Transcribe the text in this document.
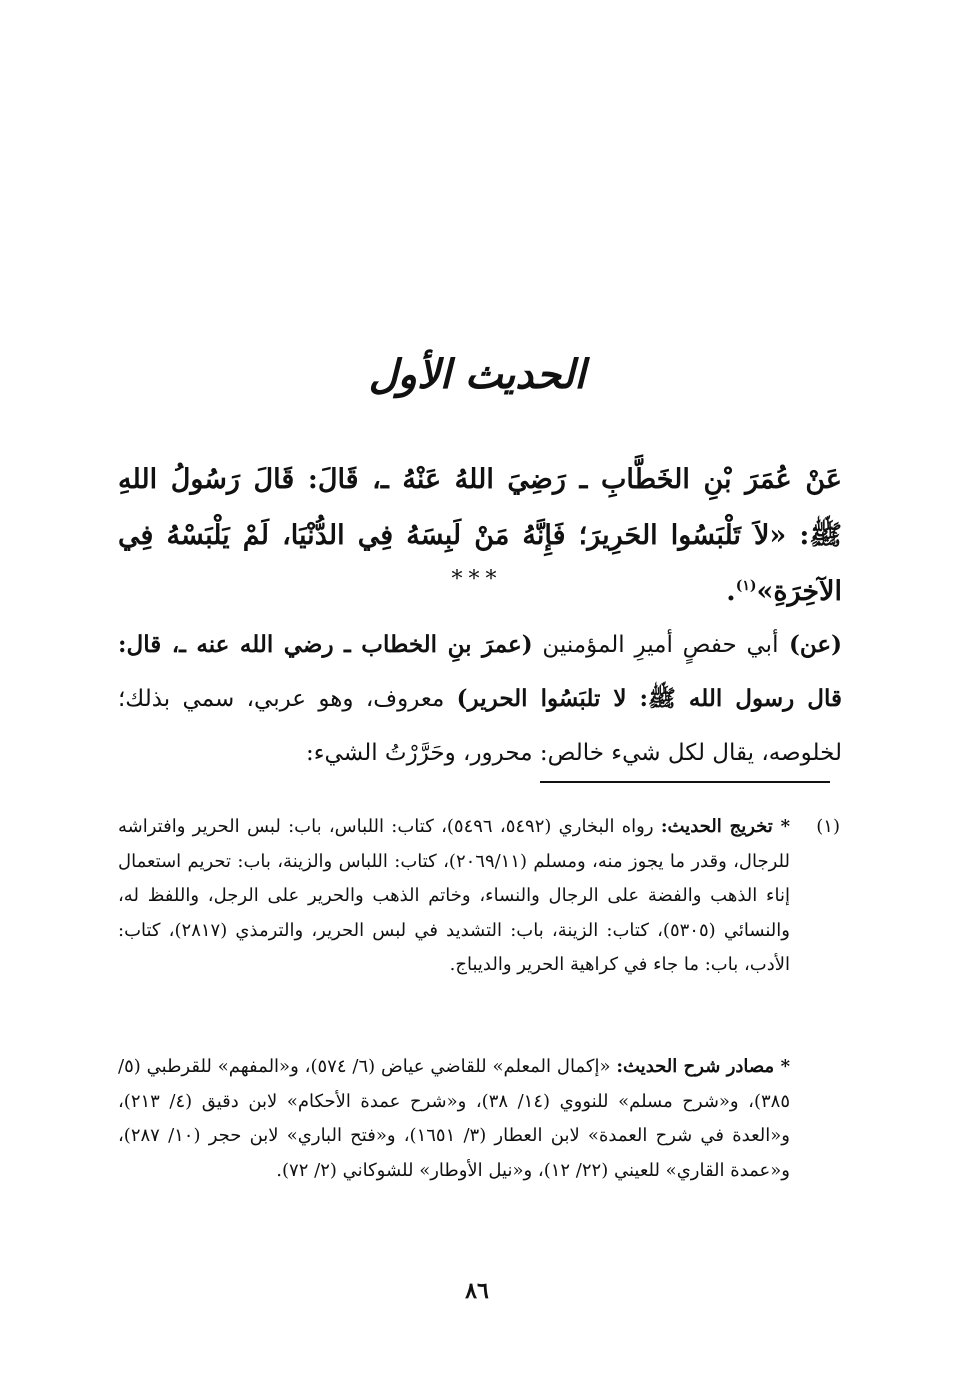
الحديث الأول
عَنْ عُمَرَ بْنِ الخَطَّابِ ـ رَضِيَ اللهُ عَنْهُ ـ، قَالَ: قَالَ رَسُولُ اللهِ ﷺ: «لاَ تَلْبَسُوا الحَرِيرَ؛ فَإِنَّهُ مَنْ لَبِسَهُ فِي الدُّنْيَا، لَمْ يَلْبَسْهُ فِي الآخِرَةِ»$^{(١)}$.
***
(عن) أبي حفصٍ أميرِ المؤمنين (عمرَ بنِ الخطاب ـ رضي الله عنه ـ، قال: قال رسول الله ﷺ: لا تلبَسُوا الحرير) معروف، وهو عربي، سمي بذلك؛ لخلوصه، يقال لكل شيء خالص: محرور، وحَرَّرْتُ الشيء:
(١)
* تخريج الحديث: رواه البخاري (٥٤٩٢، ٥٤٩٦)، كتاب: اللباس، باب: لبس الحرير وافتراشه للرجال، وقدر ما يجوز منه، ومسلم (٢٠٦٩/١١)، كتاب: اللباس والزينة، باب: تحريم استعمال إناء الذهب والفضة على الرجال والنساء، وخاتم الذهب والحرير على الرجل، واللفظ له، والنسائي (٥٣٠٥)، كتاب: الزينة، باب: التشديد في لبس الحرير، والترمذي (٢٨١٧)، كتاب: الأدب، باب: ما جاء في كراهية الحرير والديباج.
* مصادر شرح الحديث: «إكمال المعلم» للقاضي عياض (٦/ ٥٧٤)، و«المفهم» للقرطبي (٥/ ٣٨٥)، و«شرح مسلم» للنووي (١٤/ ٣٨)، و«شرح عمدة الأحكام» لابن دقيق (٤/ ٢١٣)، و«العدة في شرح العمدة» لابن العطار (٣/ ١٦٥١)، و«فتح الباري» لابن حجر (١٠/ ٢٨٧)، و«عمدة القاري» للعيني (٢٢/ ١٢)، و«نيل الأوطار» للشوكاني (٢/ ٧٢).
٨٦
